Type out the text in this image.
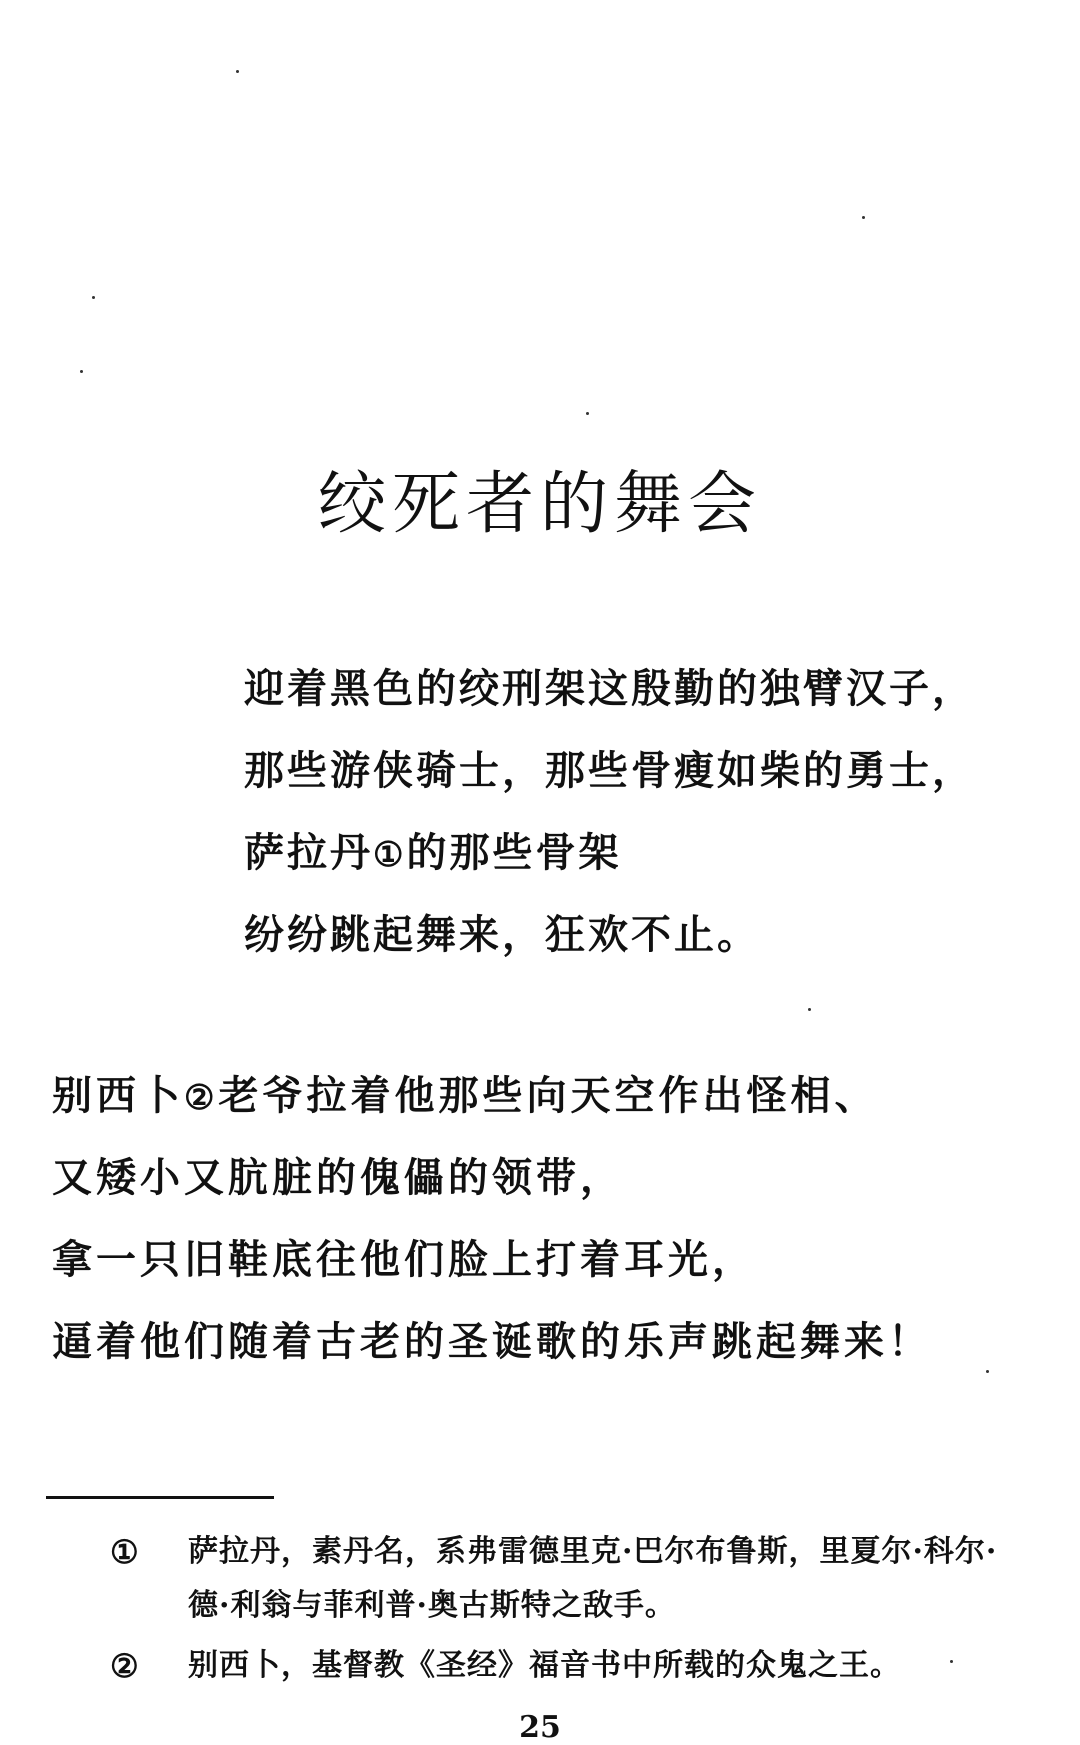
绞死者的舞会
迎着黑色的绞刑架这殷勤的独臂汉子，
那些游侠骑士，那些骨瘦如柴的勇士，
萨拉丹①的那些骨架
纷纷跳起舞来，狂欢不止。
别西卜②老爷拉着他那些向天空作出怪相、
又矮小又肮脏的傀儡的领带，
拿一只旧鞋底往他们脸上打着耳光，
逼着他们随着古老的圣诞歌的乐声跳起舞来！
① 萨拉丹，素丹名，系弗雷德里克·巴尔布鲁斯，里夏尔·科尔·德·利翁与菲利普·奥古斯特之敌手。
② 别西卜，基督教《圣经》福音书中所载的众鬼之王。
25
